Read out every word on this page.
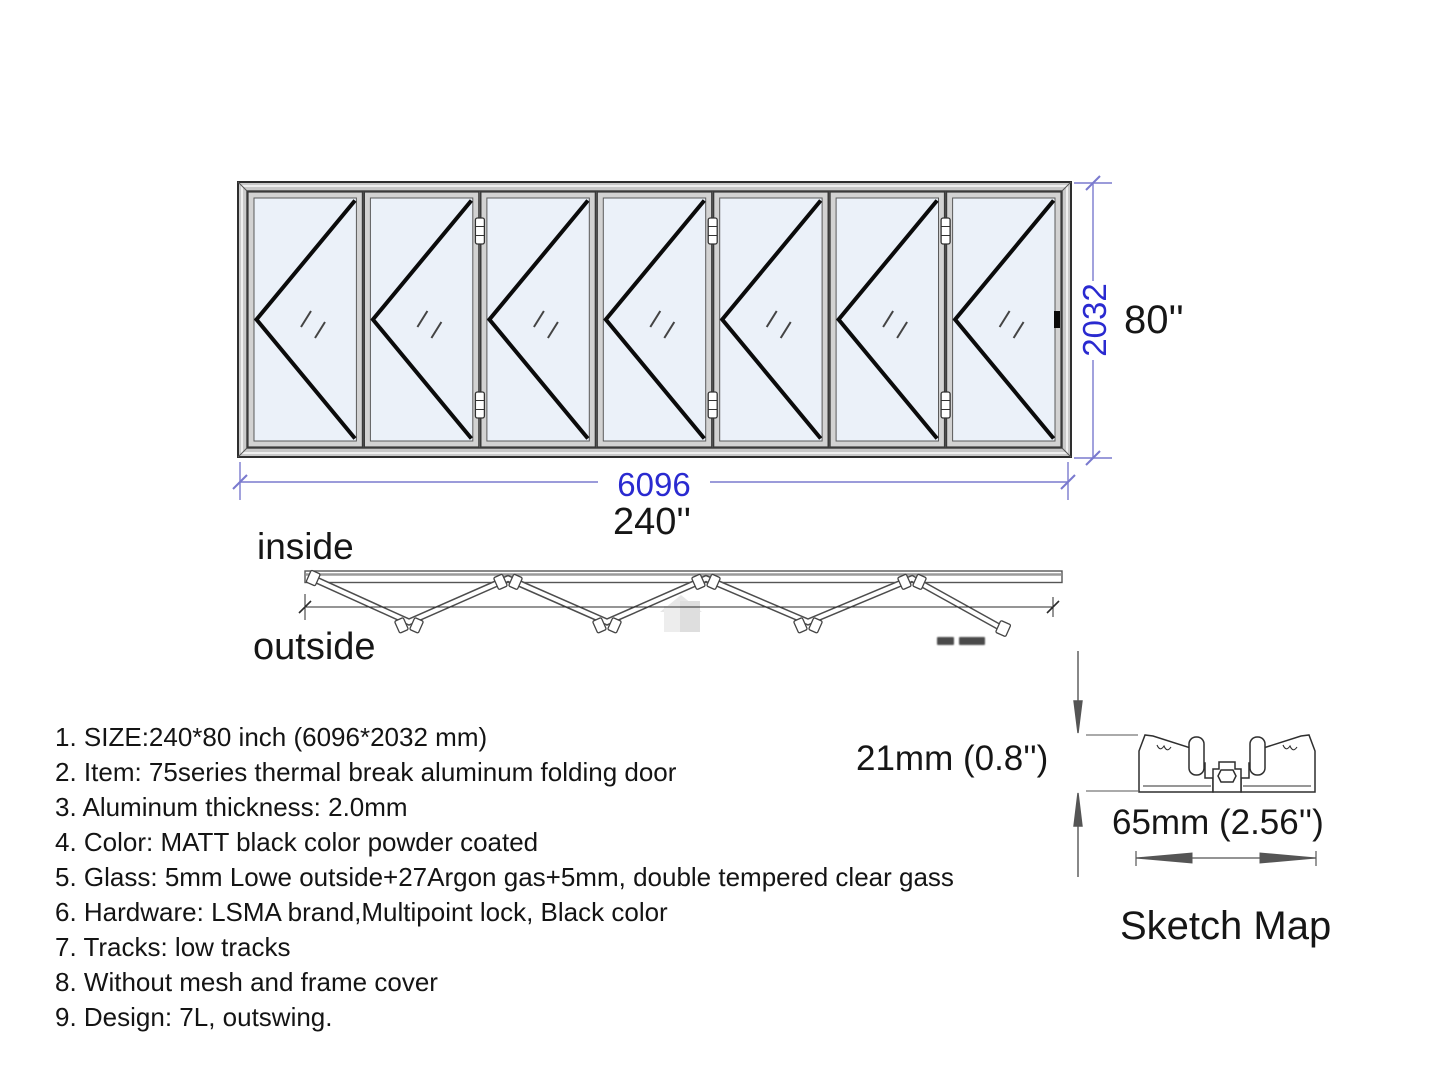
6096
2032
240''
80''
inside
outside
21mm (0.8'')
65mm (2.56'')
Sketch Map
1. SIZE:240*80 inch (6096*2032 mm)
2. Item: 75series thermal break aluminum folding door
3. Aluminum thickness: 2.0mm
4. Color: MATT black color powder coated
5. Glass: 5mm Lowe outside+27Argon gas+5mm, double tempered clear gass
6. Hardware: LSMA brand,Multipoint lock, Black color
7. Tracks: low tracks
8. Without mesh and frame cover
9. Design: 7L, outswing.
